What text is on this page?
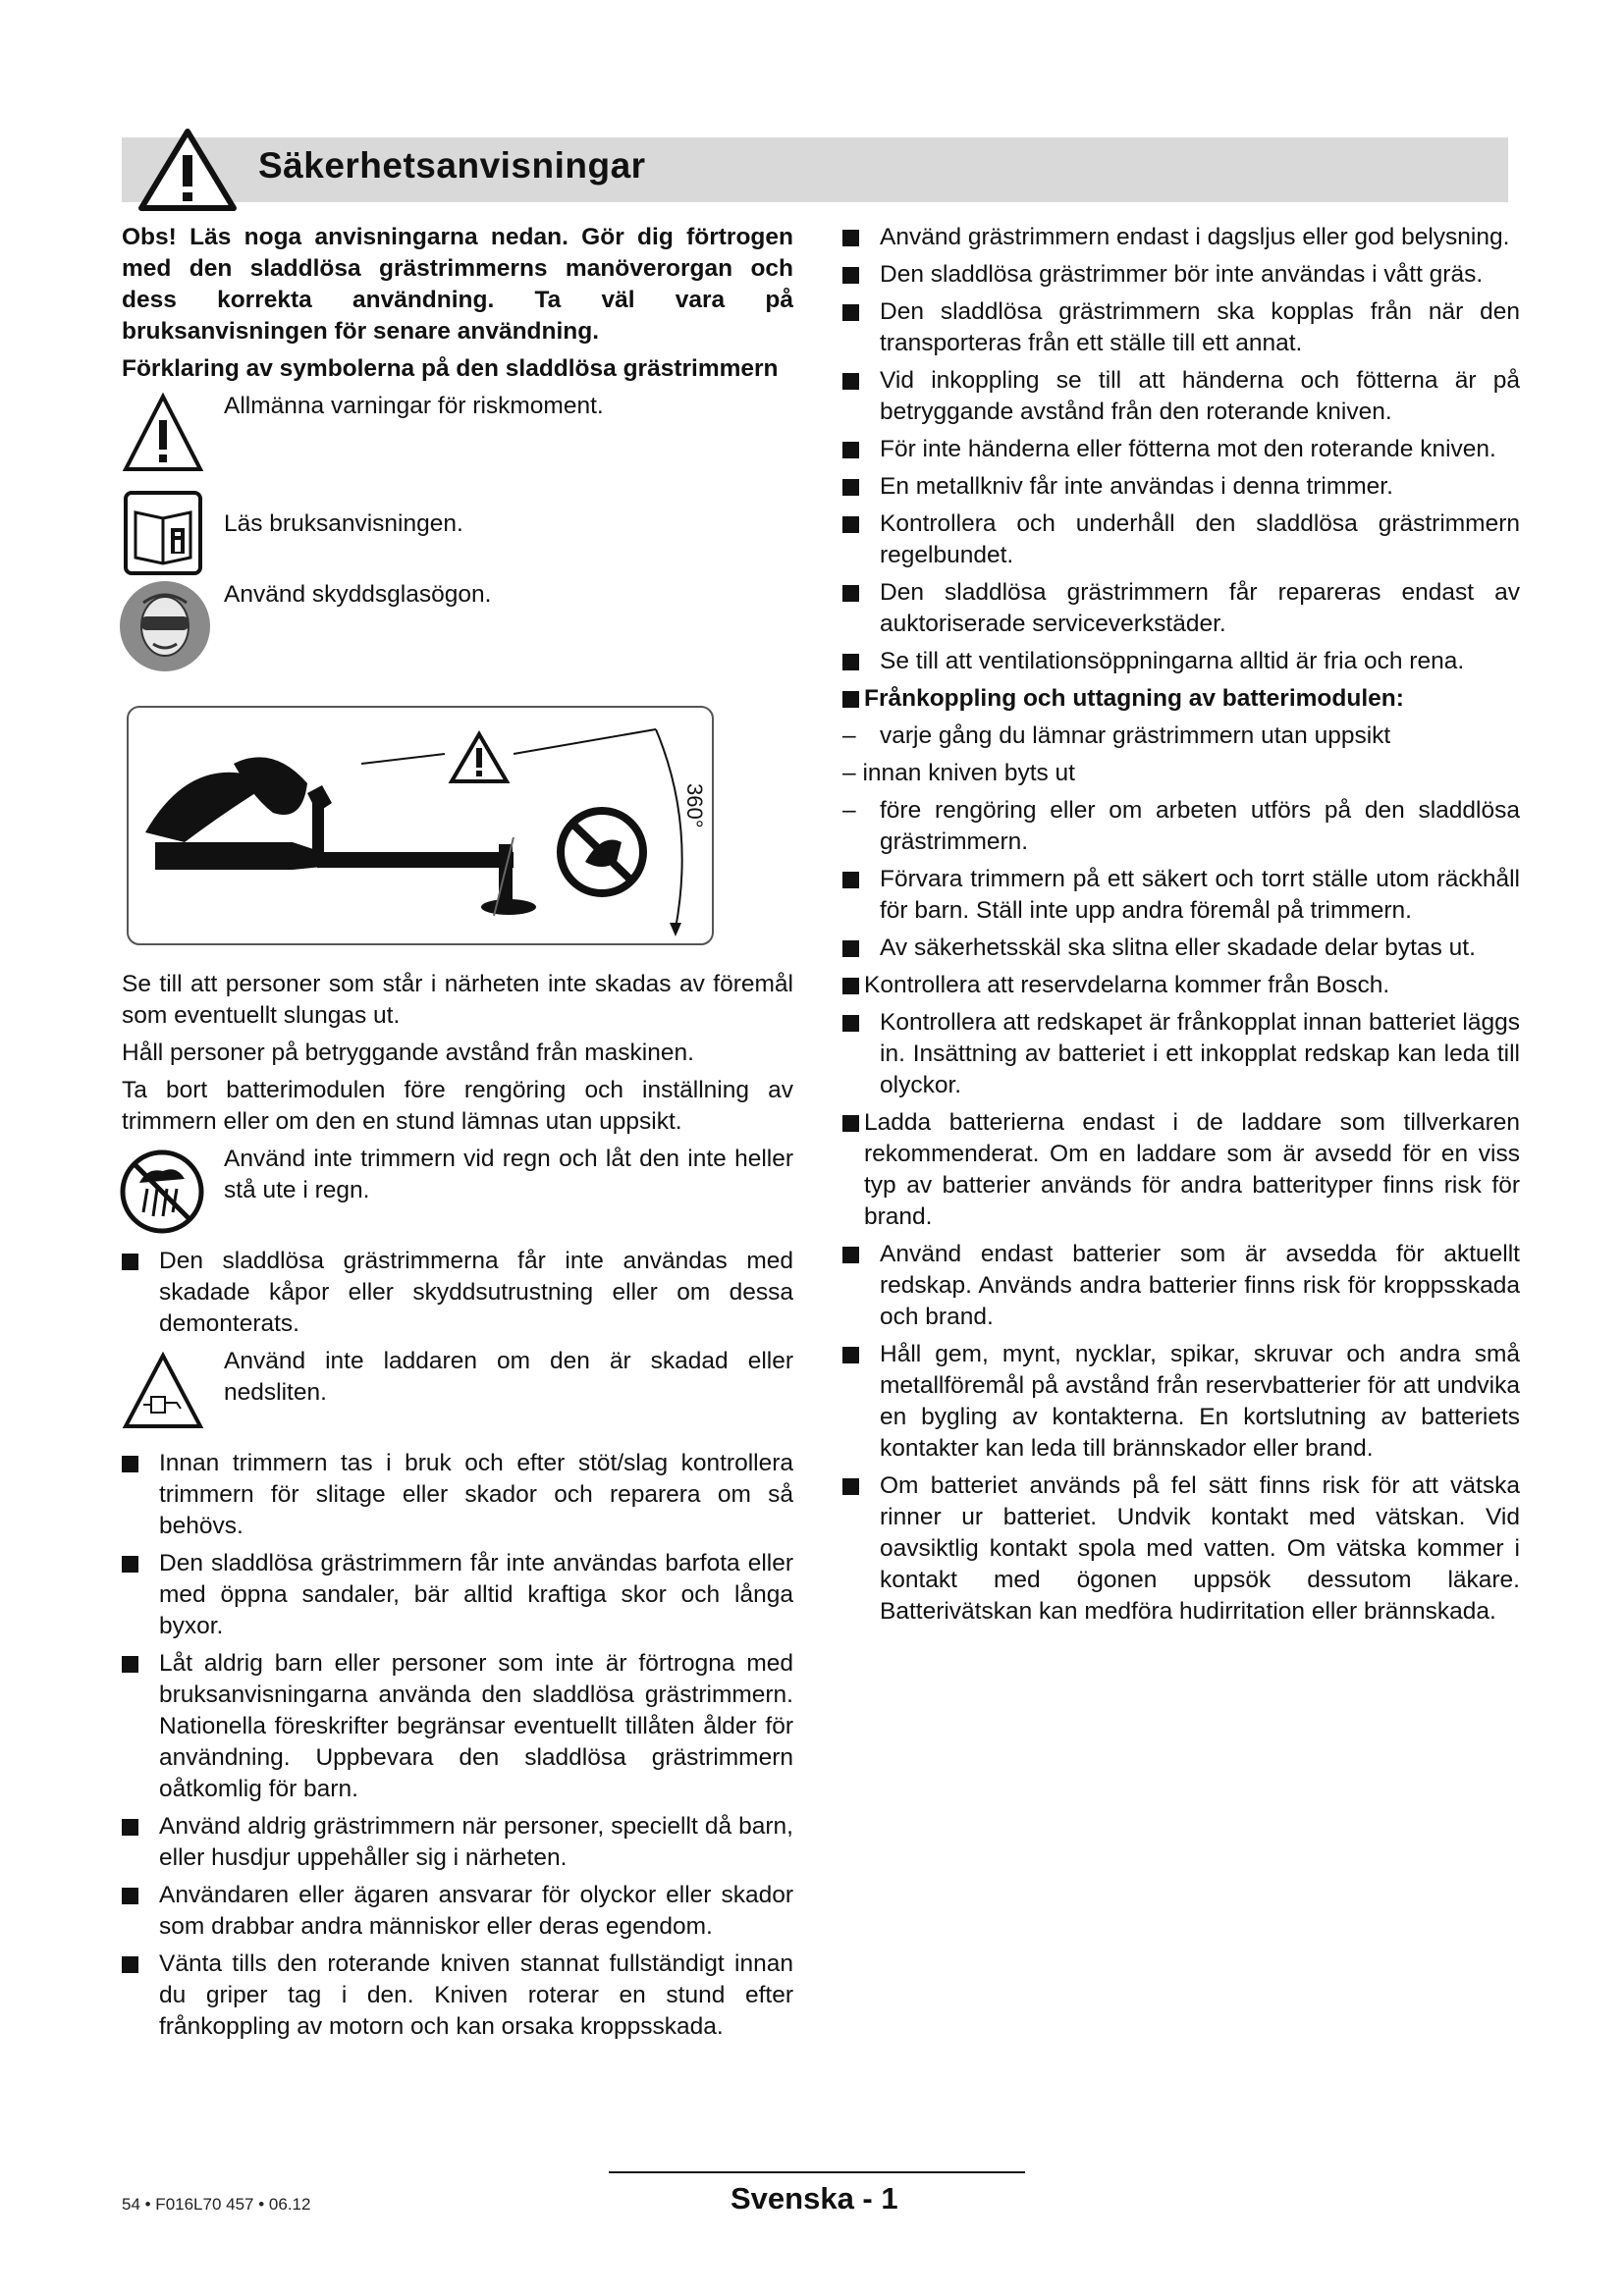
Säkerhetsanvisningar

Obs! Läs noga anvisningarna nedan. Gör dig förtrogen med den sladdlösa grästrimmerns manöverorgan och dess korrekta användning. Ta väl vara på bruksanvisningen för senare användning.

Förklaring av symbolerna på den sladdlösa grästrimmern

Allmänna varningar för riskmoment.
Läs bruksanvisningen.
Använd skyddsglasögon.
360°

Se till att personer som står i närheten inte skadas av föremål som eventuellt slungas ut.

Håll personer på betryggande avstånd från maskinen.

Ta bort batterimodulen före rengöring och inställning av trimmern eller om den en stund lämnas utan uppsikt.

Använd inte trimmern vid regn och låt den inte heller stå ute i regn.
Den sladdlösa grästrimmerna får inte användas med skadade kåpor eller skyddsutrustning eller om dessa demonterats.
Använd inte laddaren om den är skadad eller nedsliten.
Innan trimmern tas i bruk och efter stöt/slag kontrollera trimmern för slitage eller skador och reparera om så behövs.
Den sladdlösa grästrimmern får inte användas barfota eller med öppna sandaler, bär alltid kraftiga skor och långa byxor.
Låt aldrig barn eller personer som inte är förtrogna med bruksanvisningarna använda den sladdlösa grästrimmern. Nationella föreskrifter begränsar eventuellt tillåten ålder för användning. Uppbevara den sladdlösa grästrimmern oåtkomlig för barn.
Använd aldrig grästrimmern när personer, speciellt då barn, eller husdjur uppehåller sig i närheten.
Användaren eller ägaren ansvarar för olyckor eller skador som drabbar andra människor eller deras egendom.
Vänta tills den roterande kniven stannat fullständigt innan du griper tag i den. Kniven roterar en stund efter frånkoppling av motorn och kan orsaka kroppsskada.
Använd grästrimmern endast i dagsljus eller god belysning.
Den sladdlösa grästrimmer bör inte användas i vått gräs.
Den sladdlösa grästrimmern ska kopplas från när den transporteras från ett ställe till ett annat.
Vid inkoppling se till att händerna och fötterna är på betryggande avstånd från den roterande kniven.
För inte händerna eller fötterna mot den roterande kniven.
En metallkniv får inte användas i denna trimmer.
Kontrollera och underhåll den sladdlösa grästrimmern regelbundet.
Den sladdlösa grästrimmern får repareras endast av auktoriserade serviceverkstäder.
Se till att ventilationsöppningarna alltid är fria och rena.
Frånkoppling och uttagning av batterimodulen:
– varje gång du lämnar grästrimmern utan uppsikt
– innan kniven byts ut
– före rengöring eller om arbeten utförs på den sladdlösa grästrimmern.
Förvara trimmern på ett säkert och torrt ställe utom räckhåll för barn. Ställ inte upp andra föremål på trimmern.
Av säkerhetsskäl ska slitna eller skadade delar bytas ut.
Kontrollera att reservdelarna kommer från Bosch.
Kontrollera att redskapet är frånkopplat innan batteriet läggs in. Insättning av batteriet i ett inkopplat redskap kan leda till olyckor.
Ladda batterierna endast i de laddare som tillverkaren rekommenderat. Om en laddare som är avsedd för en viss typ av batterier används för andra batterityper finns risk för brand.
Använd endast batterier som är avsedda för aktuellt redskap. Används andra batterier finns risk för kroppsskada och brand.
Håll gem, mynt, nycklar, spikar, skruvar och andra små metallföremål på avstånd från reservbatterier för att undvika en bygling av kontakterna. En kortslutning av batteriets kontakter kan leda till brännskador eller brand.
Om batteriet används på fel sätt finns risk för att vätska rinner ur batteriet. Undvik kontakt med vätskan. Vid oavsiktlig kontakt spola med vatten. Om vätska kommer i kontakt med ögonen uppsök dessutom läkare. Batterivätskan kan medföra hudirritation eller brännskada.
54 • F016L70 457 • 06.12	Svenska - 1
